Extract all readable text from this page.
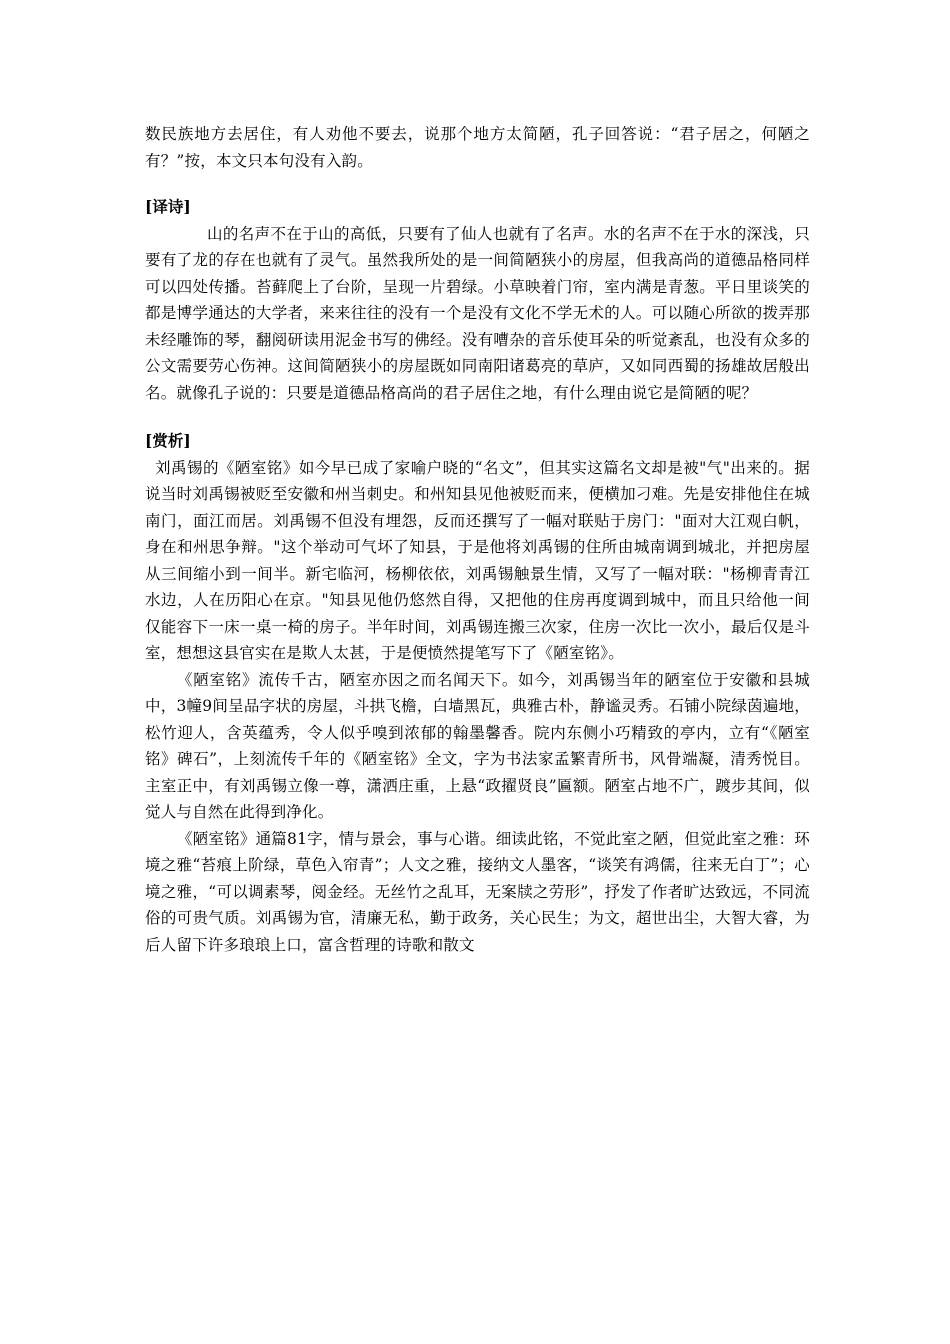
数民族地方去居住，有人劝他不要去，说那个地方太简陋，孔子回答说：“君子居之，何陋之有？”按，本文只本句没有入韵。

[译诗]

山的名声不在于山的高低，只要有了仙人也就有了名声。水的名声不在于水的深浅，只要有了龙的存在也就有了灵气。虽然我所处的是一间简陋狭小的房屋，但我高尚的道德品格同样可以四处传播。苔藓爬上了台阶，呈现一片碧绿。小草映着门帘，室内满是青葱。平日里谈笑的都是博学通达的大学者，来来往往的没有一个是没有文化不学无术的人。可以随心所欲的拨弄那未经雕饰的琴，翻阅研读用泥金书写的佛经。没有嘈杂的音乐使耳朵的听觉紊乱，也没有众多的公文需要劳心伤神。这间简陋狭小的房屋既如同南阳诸葛亮的草庐，又如同西蜀的扬雄故居般出名。就像孔子说的：只要是道德品格高尚的君子居住之地，有什么理由说它是简陋的呢？

[赏析]

刘禹锡的《陋室铭》如今早已成了家喻户晓的“名文”，但其实这篇名文却是被"气"出来的。据说当时刘禹锡被贬至安徽和州当刺史。和州知县见他被贬而来，便横加刁难。先是安排他住在城南门，面江而居。刘禹锡不但没有埋怨，反而还撰写了一幅对联贴于房门："面对大江观白帆，身在和州思争辩。"这个举动可气坏了知县，于是他将刘禹锡的住所由城南调到城北，并把房屋从三间缩小到一间半。新宅临河，杨柳依依，刘禹锡触景生情，又写了一幅对联："杨柳青青江水边，人在历阳心在京。"知县见他仍悠然自得，又把他的住房再度调到城中，而且只给他一间仅能容下一床一桌一椅的房子。半年时间，刘禹锡连搬三次家，住房一次比一次小，最后仅是斗室，想想这县官实在是欺人太甚，于是便愤然提笔写下了《陋室铭》。

《陋室铭》流传千古，陋室亦因之而名闻天下。如今，刘禹锡当年的陋室位于安徽和县城中，3幢9间呈品字状的房屋，斗拱飞檐，白墙黑瓦，典雅古朴，静谧灵秀。石铺小院绿茵遍地，松竹迎人，含英蕴秀，令人似乎嗅到浓郁的翰墨馨香。院内东侧小巧精致的亭内，立有“《陋室铭》碑石”，上刻流传千年的《陋室铭》全文，字为书法家孟繁青所书，风骨端凝，清秀悦目。主室正中，有刘禹锡立像一尊，潇洒庄重，上悬“政擢贤良”匾额。陋室占地不广，踱步其间，似觉人与自然在此得到净化。

《陋室铭》通篇81字，情与景会，事与心谐。细读此铭，不觉此室之陋，但觉此室之雅：环境之雅“苔痕上阶绿，草色入帘青”；人文之雅，接纳文人墨客，“谈笑有鸿儒，往来无白丁”；心境之雅，“可以调素琴，阅金经。无丝竹之乱耳，无案牍之劳形”，抒发了作者旷达致远，不同流俗的可贵气质。刘禹锡为官，清廉无私，勤于政务，关心民生；为文，超世出尘，大智大睿，为后人留下许多琅琅上口，富含哲理的诗歌和散文
